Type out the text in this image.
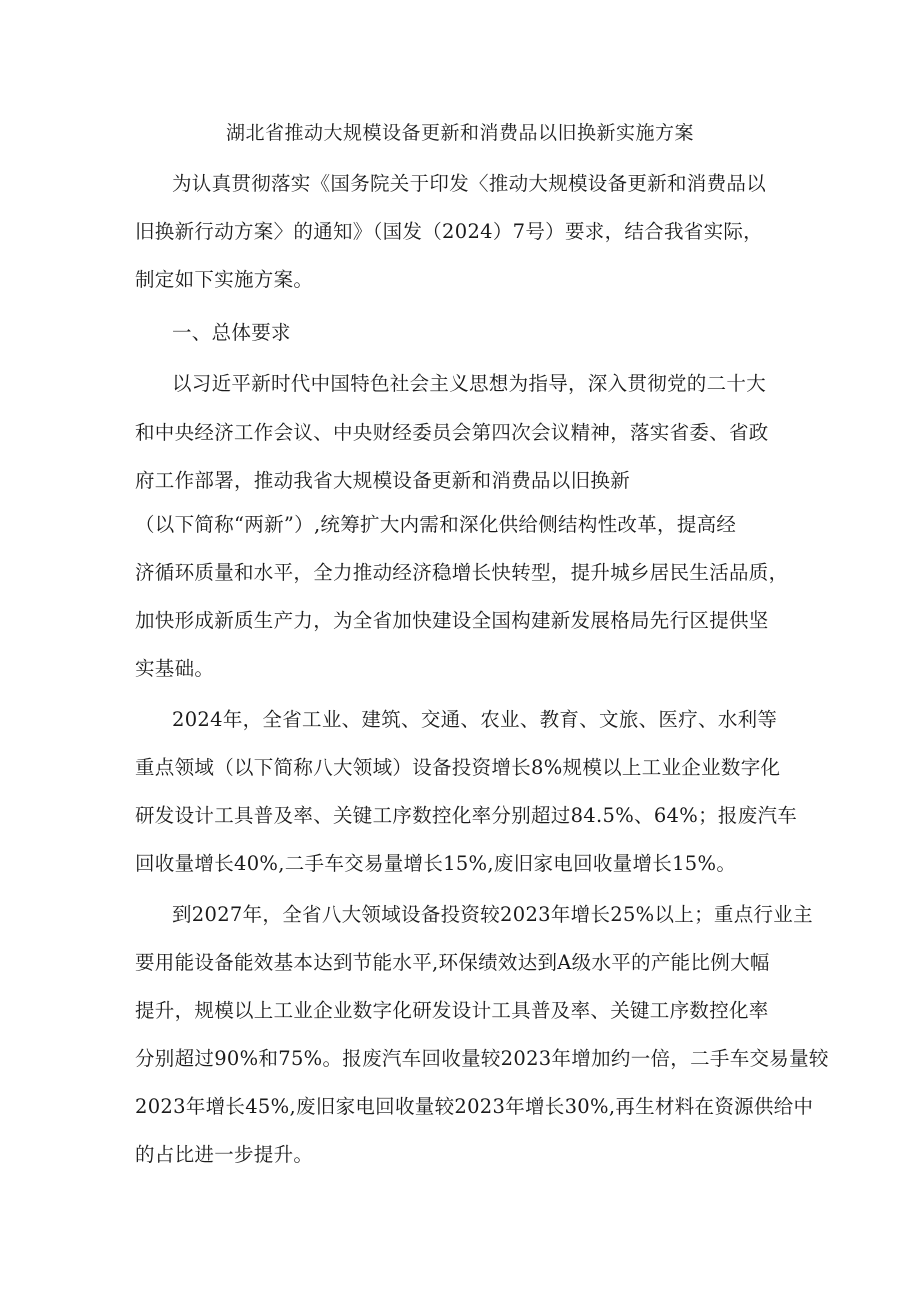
湖北省推动大规模设备更新和消费品以旧换新实施方案
为认真贯彻落实《国务院关于印发〈推动大规模设备更新和消费品以
旧换新行动方案〉的通知》（国发（2024）7号）要求，结合我省实际，
制定如下实施方案。
一、总体要求
以习近平新时代中国特色社会主义思想为指导，深入贯彻党的二十大
和中央经济工作会议、中央财经委员会第四次会议精神，落实省委、省政
府工作部署，推动我省大规模设备更新和消费品以旧换新
（以下简称“两新”）,统筹扩大内需和深化供给侧结构性改革，提高经
济循环质量和水平，全力推动经济稳增长快转型，提升城乡居民生活品质，
加快形成新质生产力，为全省加快建设全国构建新发展格局先行区提供坚
实基础。
2024年，全省工业、建筑、交通、农业、教育、文旅、医疗、水利等
重点领域（以下简称八大领域）设备投资增长8%规模以上工业企业数字化
研发设计工具普及率、关键工序数控化率分别超过84.5%、64%；报废汽车
回收量增长40%,二手车交易量增长15%,废旧家电回收量增长15%。
到2027年，全省八大领域设备投资较2023年增长25%以上；重点行业主
要用能设备能效基本达到节能水平,环保绩效达到A级水平的产能比例大幅
提升，规模以上工业企业数字化研发设计工具普及率、关键工序数控化率
分别超过90%和75%。报废汽车回收量较2023年增加约一倍，二手车交易量较
2023年增长45%,废旧家电回收量较2023年增长30%,再生材料在资源供给中
的占比进一步提升。
